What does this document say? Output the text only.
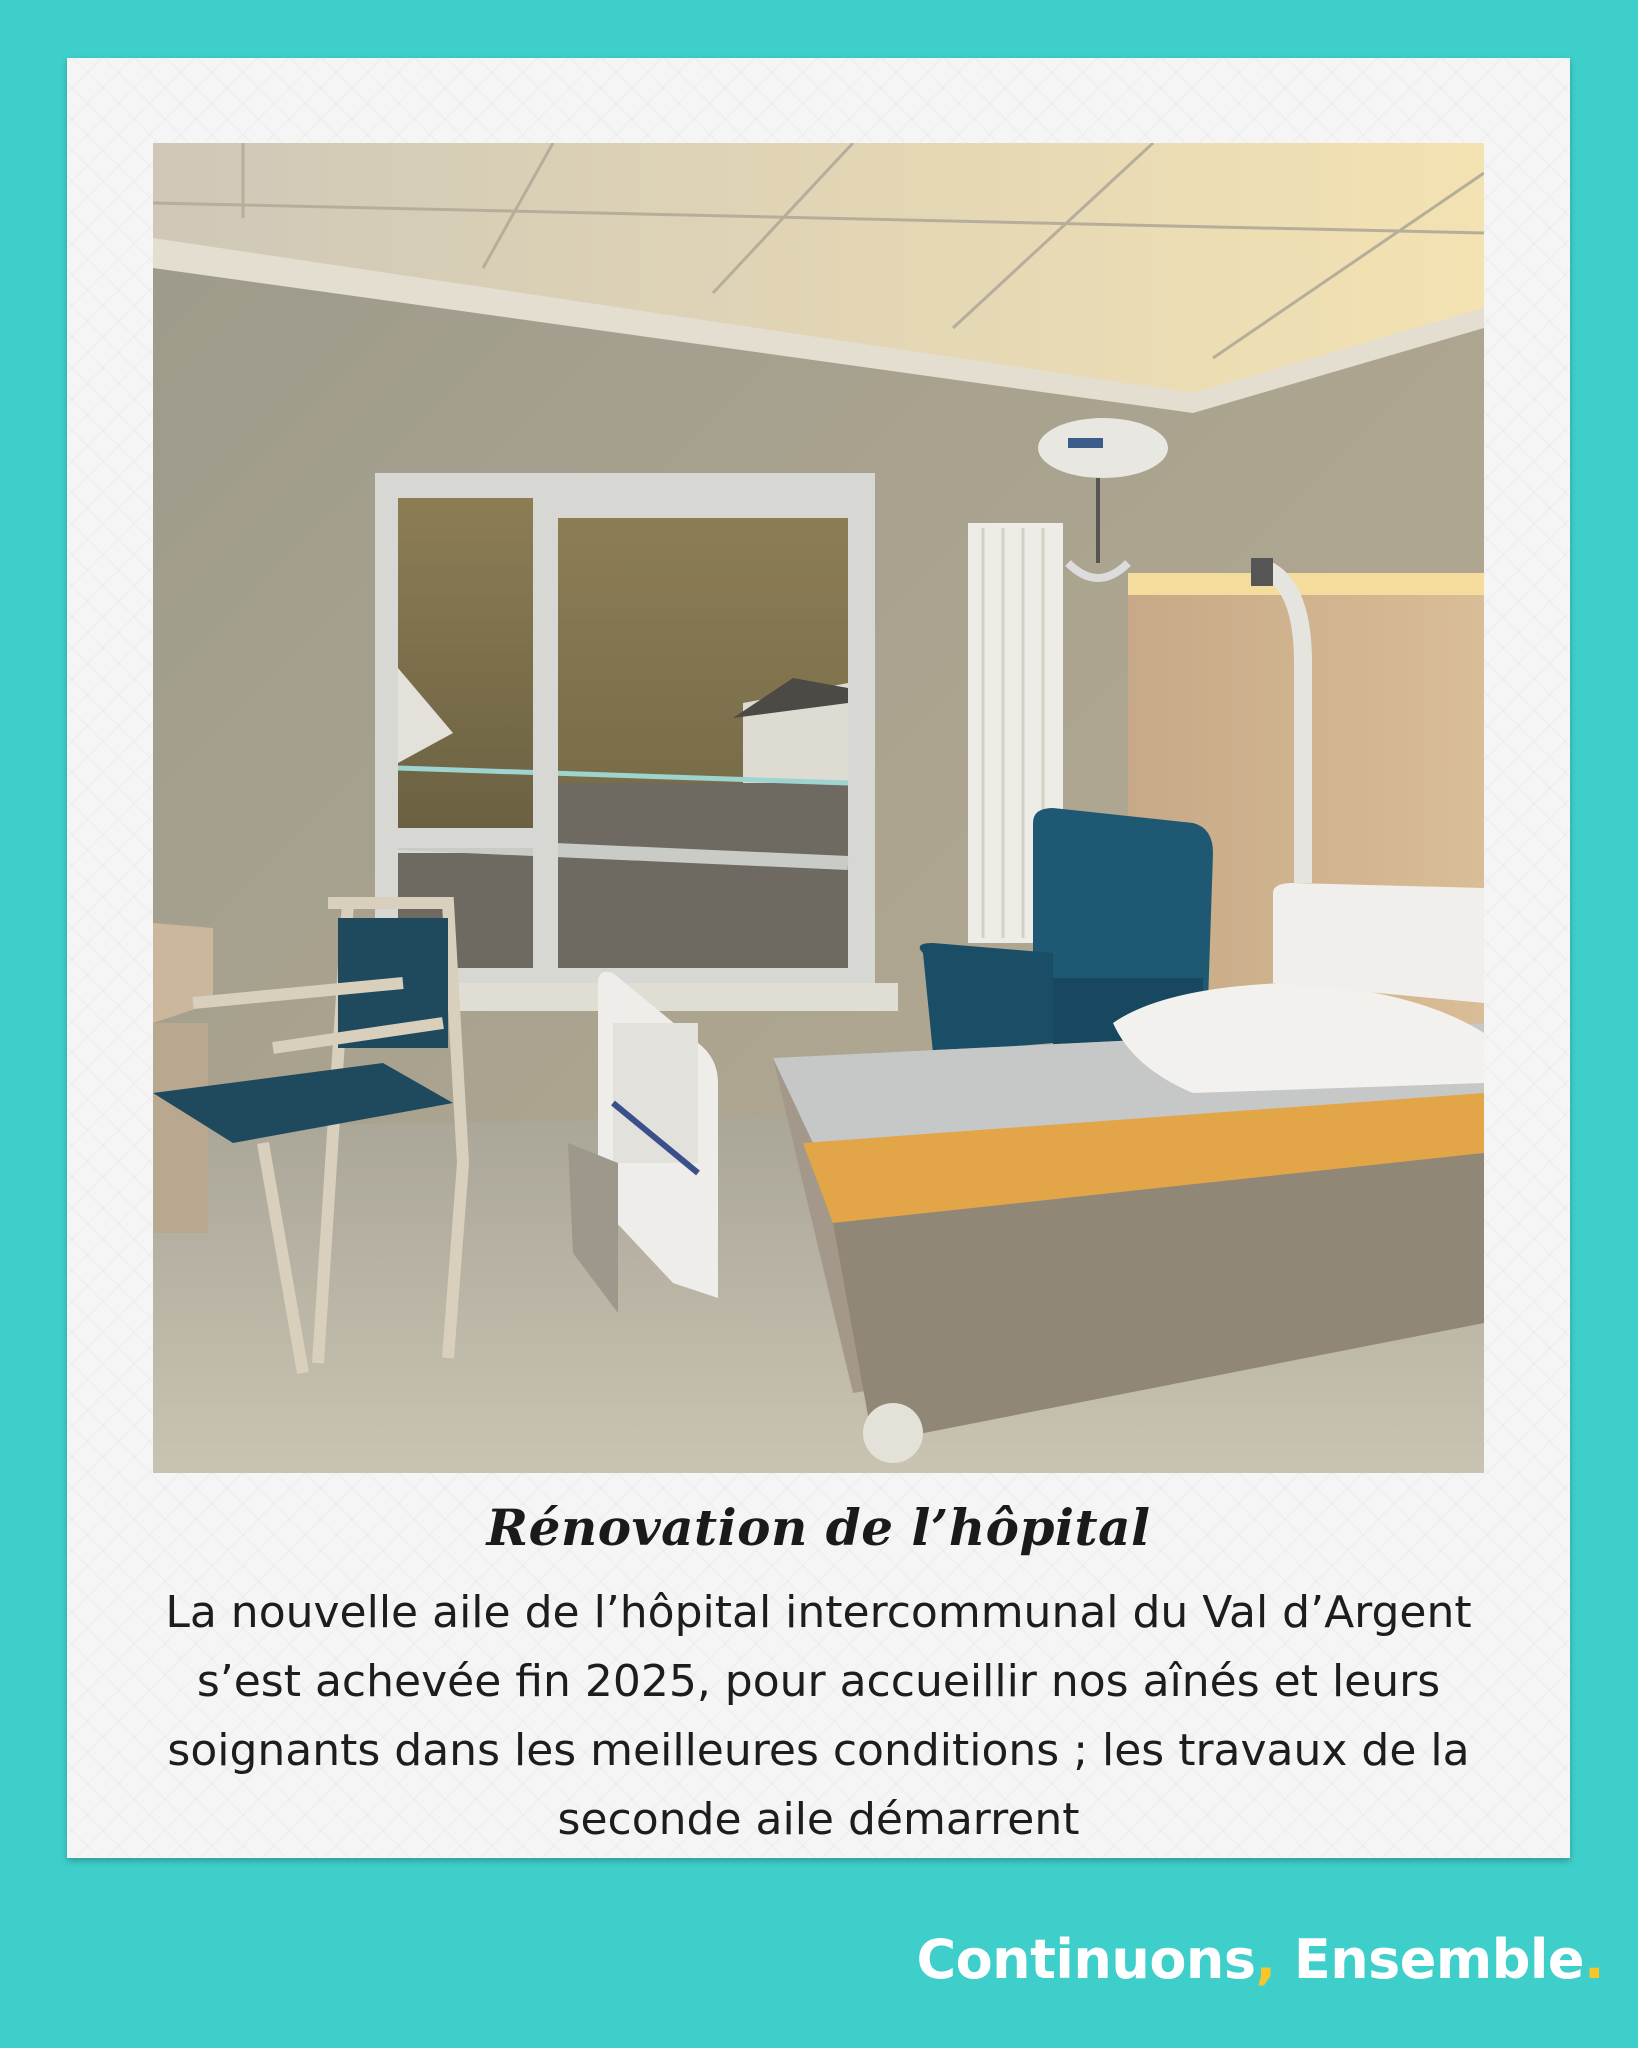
Rénovation de l’hôpital

La nouvelle aile de l’hôpital intercommunal du Val d’Argent s’est achevée fin 2025, pour accueillir nos aînés et leurs soignants dans les meilleures conditions ; les travaux de la seconde aile démarrent

Continuons, Ensemble.
